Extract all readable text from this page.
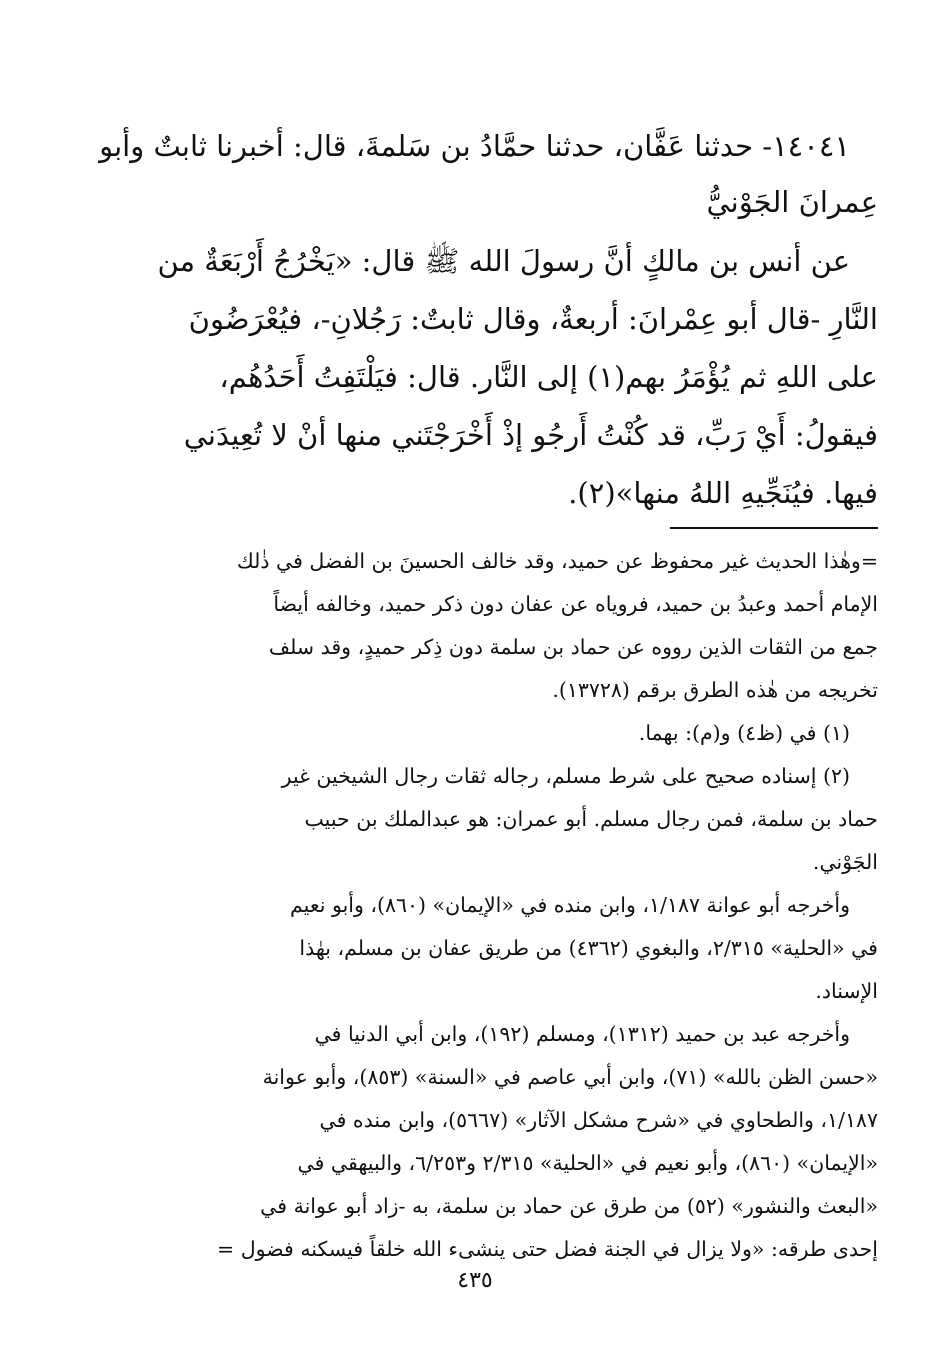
١٤٠٤١- حدثنا عَفَّان، حدثنا حمَّادُ بن سَلمةَ، قال: أخبرنا ثابتٌ وأبو
عِمرانَ الجَوْنيُّ
عن أنس بن مالكٍ أنَّ رسولَ الله ﷺ قال: «يَخْرُجُ أَرْبَعَةٌ من
النَّارِ -قال أبو عِمْرانَ: أربعةٌ، وقال ثابتٌ: رَجُلانِ-، فيُعْرَضُونَ
على اللهِ ثم يُؤْمَرُ بهم(١) إلى النَّار. قال: فيَلْتَفِتُ أَحَدُهُم،
فيقولُ: أَيْ رَبِّ، قد كُنْتُ أَرجُو إذْ أَخْرَجْتَني منها أنْ لا تُعِيدَني
فيها. فيُنَجِّيهِ اللهُ منها»(٢).
=وهٰذا الحديث غير محفوظ عن حميد، وقد خالف الحسينَ بن الفضل في ذٰلك
الإمام أحمد وعبدُ بن حميد، فروياه عن عفان دون ذكر حميد، وخالفه أيضاً
جمع من الثقات الذين رووه عن حماد بن سلمة دون ذِكر حميدٍ، وقد سلف
تخريجه من هٰذه الطرق برقم (١٣٧٢٨).
(١) في (ظ٤) و(م): بهما.
(٢) إسناده صحيح على شرط مسلم، رجاله ثقات رجال الشيخين غير
حماد بن سلمة، فمن رجال مسلم. أبو عمران: هو عبدالملك بن حبيب
الجَوْني.
وأخرجه أبو عوانة ١/١٨٧، وابن منده في «الإيمان» (٨٦٠)، وأبو نعيم
في «الحلية» ٢/٣١٥، والبغوي (٤٣٦٢) من طريق عفان بن مسلم، بهٰذا
الإسناد.
وأخرجه عبد بن حميد (١٣١٢)، ومسلم (١٩٢)، وابن أبي الدنيا في
«حسن الظن بالله» (٧١)، وابن أبي عاصم في «السنة» (٨٥٣)، وأبو عوانة
١/١٨٧، والطحاوي في «شرح مشكل الآثار» (٥٦٦٧)، وابن منده في
«الإيمان» (٨٦٠)، وأبو نعيم في «الحلية» ٢/٣١٥ و٦/٢٥٣، والبيهقي في
«البعث والنشور» (٥٢) من طرق عن حماد بن سلمة، به -زاد أبو عوانة في
إحدى طرقه: «ولا يزال في الجنة فضل حتى ينشىء الله خلقاً فيسكنه فضول =
٤٣٥
